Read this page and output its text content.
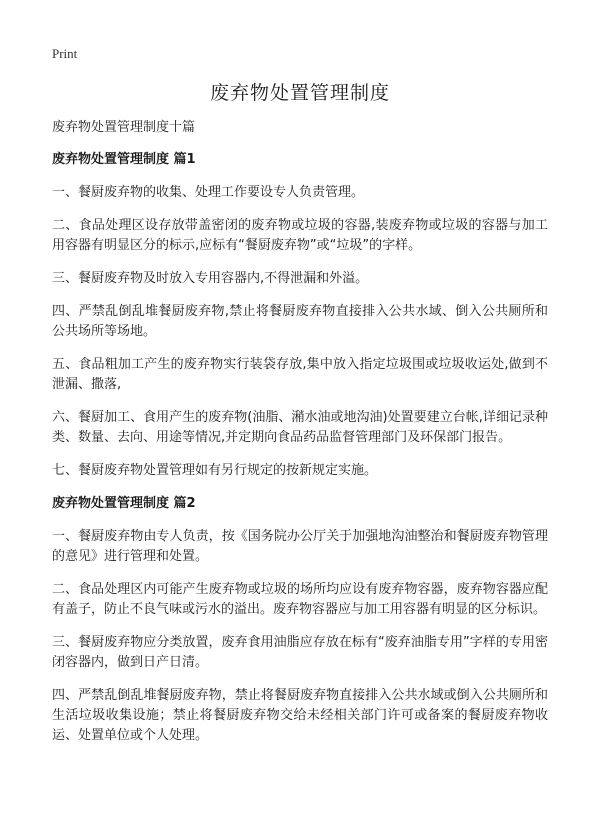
Print
废弃物处置管理制度

废弃物处置管理制度十篇

废弃物处置管理制度 篇1

一、餐厨废弃物的收集、处理工作要设专人负责管理。

二、食品处理区设存放带盖密闭的废弃物或垃圾的容器,装废弃物或垃圾的容器与加工用容器有明显区分的标示,应标有“餐厨废弃物”或“垃圾”的字样。

三、餐厨废弃物及时放入专用容器内,不得泄漏和外溢。

四、严禁乱倒乱堆餐厨废弃物,禁止将餐厨废弃物直接排入公共水域、倒入公共厕所和公共场所等场地。

五、食品粗加工产生的废弃物实行装袋存放,集中放入指定垃圾围或垃圾收运处,做到不泄漏、撒落,

六、餐厨加工、食用产生的废弃物(油脂、潲水油或地沟油)处置要建立台帐,详细记录种类、数量、去向、用途等情况,并定期向食品药品监督管理部门及环保部门报告。

七、餐厨废弃物处置管理如有另行规定的按新规定实施。

废弃物处置管理制度 篇2

一、餐厨废弃物由专人负责，按《国务院办公厅关于加强地沟油整治和餐厨废弃物管理的意见》进行管理和处置。

二、食品处理区内可能产生废弃物或垃圾的场所均应设有废弃物容器，废弃物容器应配有盖子，防止不良气味或污水的溢出。废弃物容器应与加工用容器有明显的区分标识。

三、餐厨废弃物应分类放置，废弃食用油脂应存放在标有“废弃油脂专用”字样的专用密闭容器内，做到日产日清。

四、严禁乱倒乱堆餐厨废弃物，禁止将餐厨废弃物直接排入公共水域或倒入公共厕所和生活垃圾收集设施；禁止将餐厨废弃物交给未经相关部门许可或备案的餐厨废弃物收运、处置单位或个人处理。
